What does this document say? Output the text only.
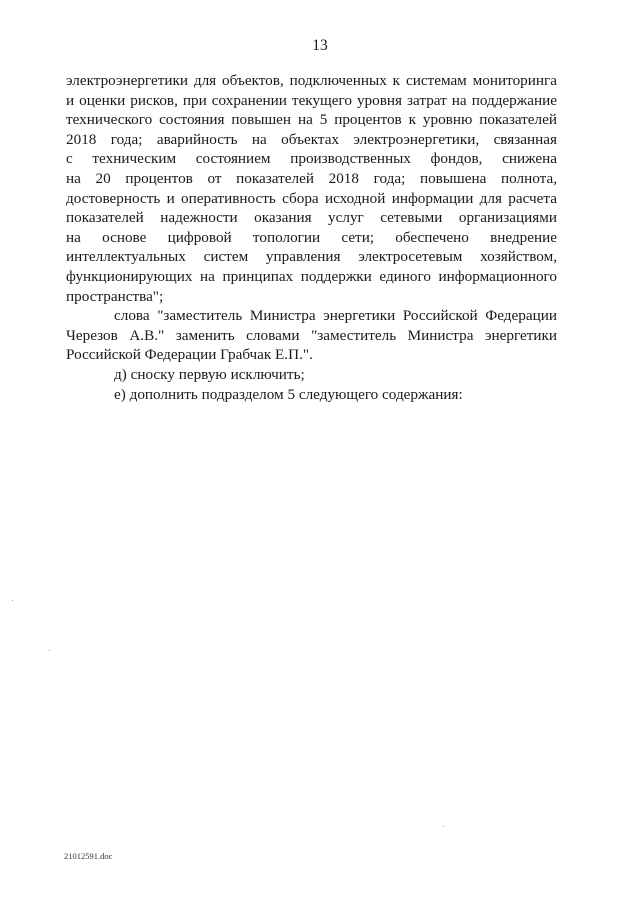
13
электроэнергетики для объектов, подключенных к системам мониторинга
и оценки рисков, при сохранении текущего уровня затрат на поддержание
технического состояния повышен на 5 процентов к уровню показателей
2018 года; аварийность на объектах электроэнергетики, связанная
с техническим состоянием производственных фондов, снижена
на 20 процентов от показателей 2018 года; повышена полнота,
достоверность и оперативность сбора исходной информации для расчета
показателей надежности оказания услуг сетевыми организациями
на основе цифровой топологии сети; обеспечено внедрение
интеллектуальных систем управления электросетевым хозяйством,
функционирующих на принципах поддержки единого информационного
пространства";
слова "заместитель Министра энергетики Российской Федерации
Черезов А.В." заменить словами "заместитель Министра энергетики
Российской Федерации Грабчак Е.П.".
д) сноску первую исключить;
е) дополнить подразделом 5 следующего содержания:
21012591.doc
